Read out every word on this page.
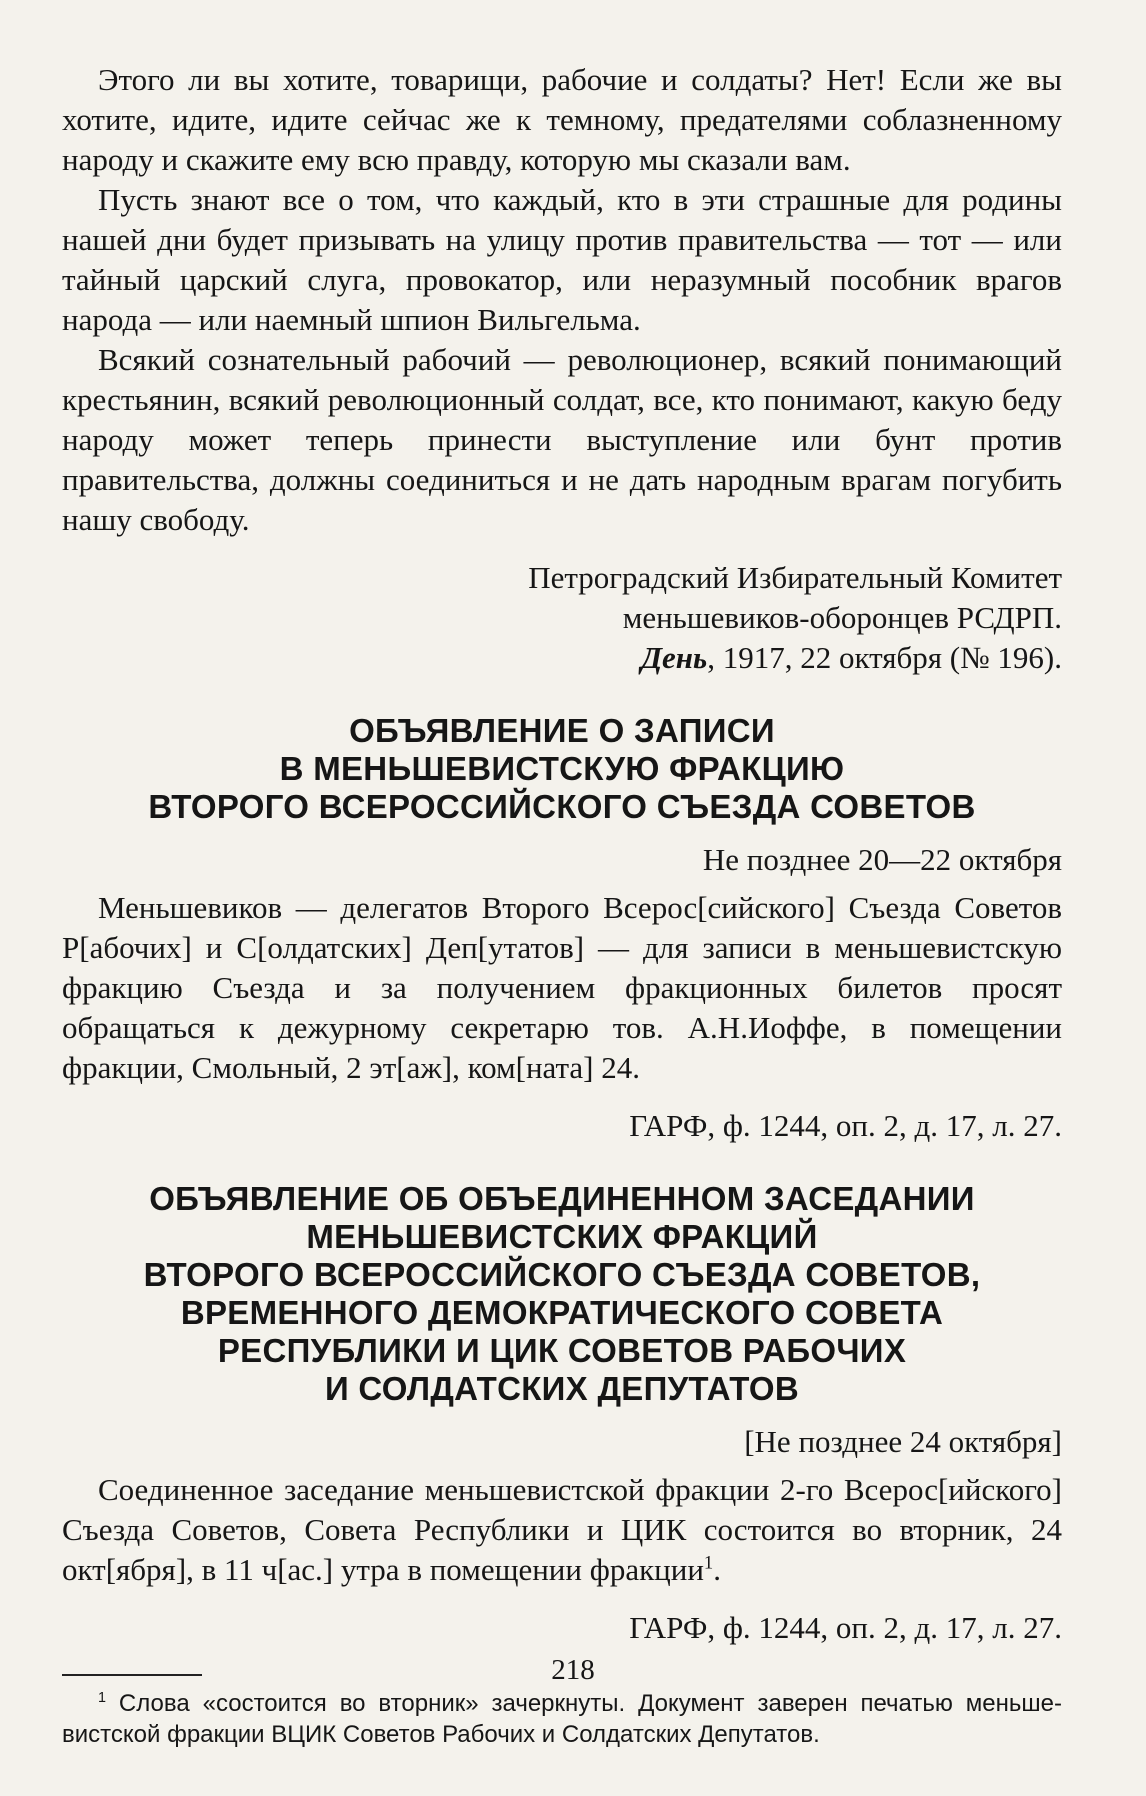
Этого ли вы хотите, товарищи, рабочие и солдаты? Нет! Если же вы хотите, идите, идите сейчас же к темному, предателями соблазненному народу и скажите ему всю правду, которую мы сказали вам.

Пусть знают все о том, что каждый, кто в эти страшные для родины нашей дни будет призывать на улицу против правительства — тот — или тайный царский слуга, провокатор, или неразумный пособник врагов народа — или наемный шпион Вильгельма.

Всякий сознательный рабочий — революционер, всякий понимающий крестьянин, всякий революционный солдат, все, кто понимают, какую беду народу может теперь принести выступление или бунт против правительства, должны соединиться и не дать народным врагам погубить нашу свободу.

Петроградский Избирательный Комитет

меньшевиков-оборонцев РСДРП.

День, 1917, 22 октября (№ 196).

ОБЪЯВЛЕНИЕ О ЗАПИСИ
В МЕНЬШЕВИСТСКУЮ ФРАКЦИЮ
ВТОРОГО ВСЕРОССИЙСКОГО СЪЕЗДА СОВЕТОВ

Не позднее 20—22 октября

Меньшевиков — делегатов Второго Всерос[сийского] Съезда Советов Р[абочих] и С[олдатских] Деп[утатов] — для записи в меньшевистскую фракцию Съезда и за получением фракционных билетов просят обращаться к дежурному секретарю тов. А.Н.Иоффе, в помещении фракции, Смольный, 2 эт[аж], ком[ната] 24.

ГАРФ, ф. 1244, оп. 2, д. 17, л. 27.

ОБЪЯВЛЕНИЕ ОБ ОБЪЕДИНЕННОМ ЗАСЕДАНИИ
МЕНЬШЕВИСТСКИХ ФРАКЦИЙ
ВТОРОГО ВСЕРОССИЙСКОГО СЪЕЗДА СОВЕТОВ,
ВРЕМЕННОГО ДЕМОКРАТИЧЕСКОГО СОВЕТА
РЕСПУБЛИКИ И ЦИК СОВЕТОВ РАБОЧИХ
И СОЛДАТСКИХ ДЕПУТАТОВ

[Не позднее 24 октября]

Соединенное заседание меньшевистской фракции 2-го Всерос[ийского] Съезда Советов, Совета Республики и ЦИК состоится во вторник, 24 окт[ября], в 11 ч[ас.] утра в помещении фракции$^1$.

ГАРФ, ф. 1244, оп. 2, д. 17, л. 27.

$^1$ Слова «состоится во вторник» зачеркнуты. Документ заверен печатью меньшевистской фракции ВЦИК Советов Рабочих и Солдатских Депутатов.

218
